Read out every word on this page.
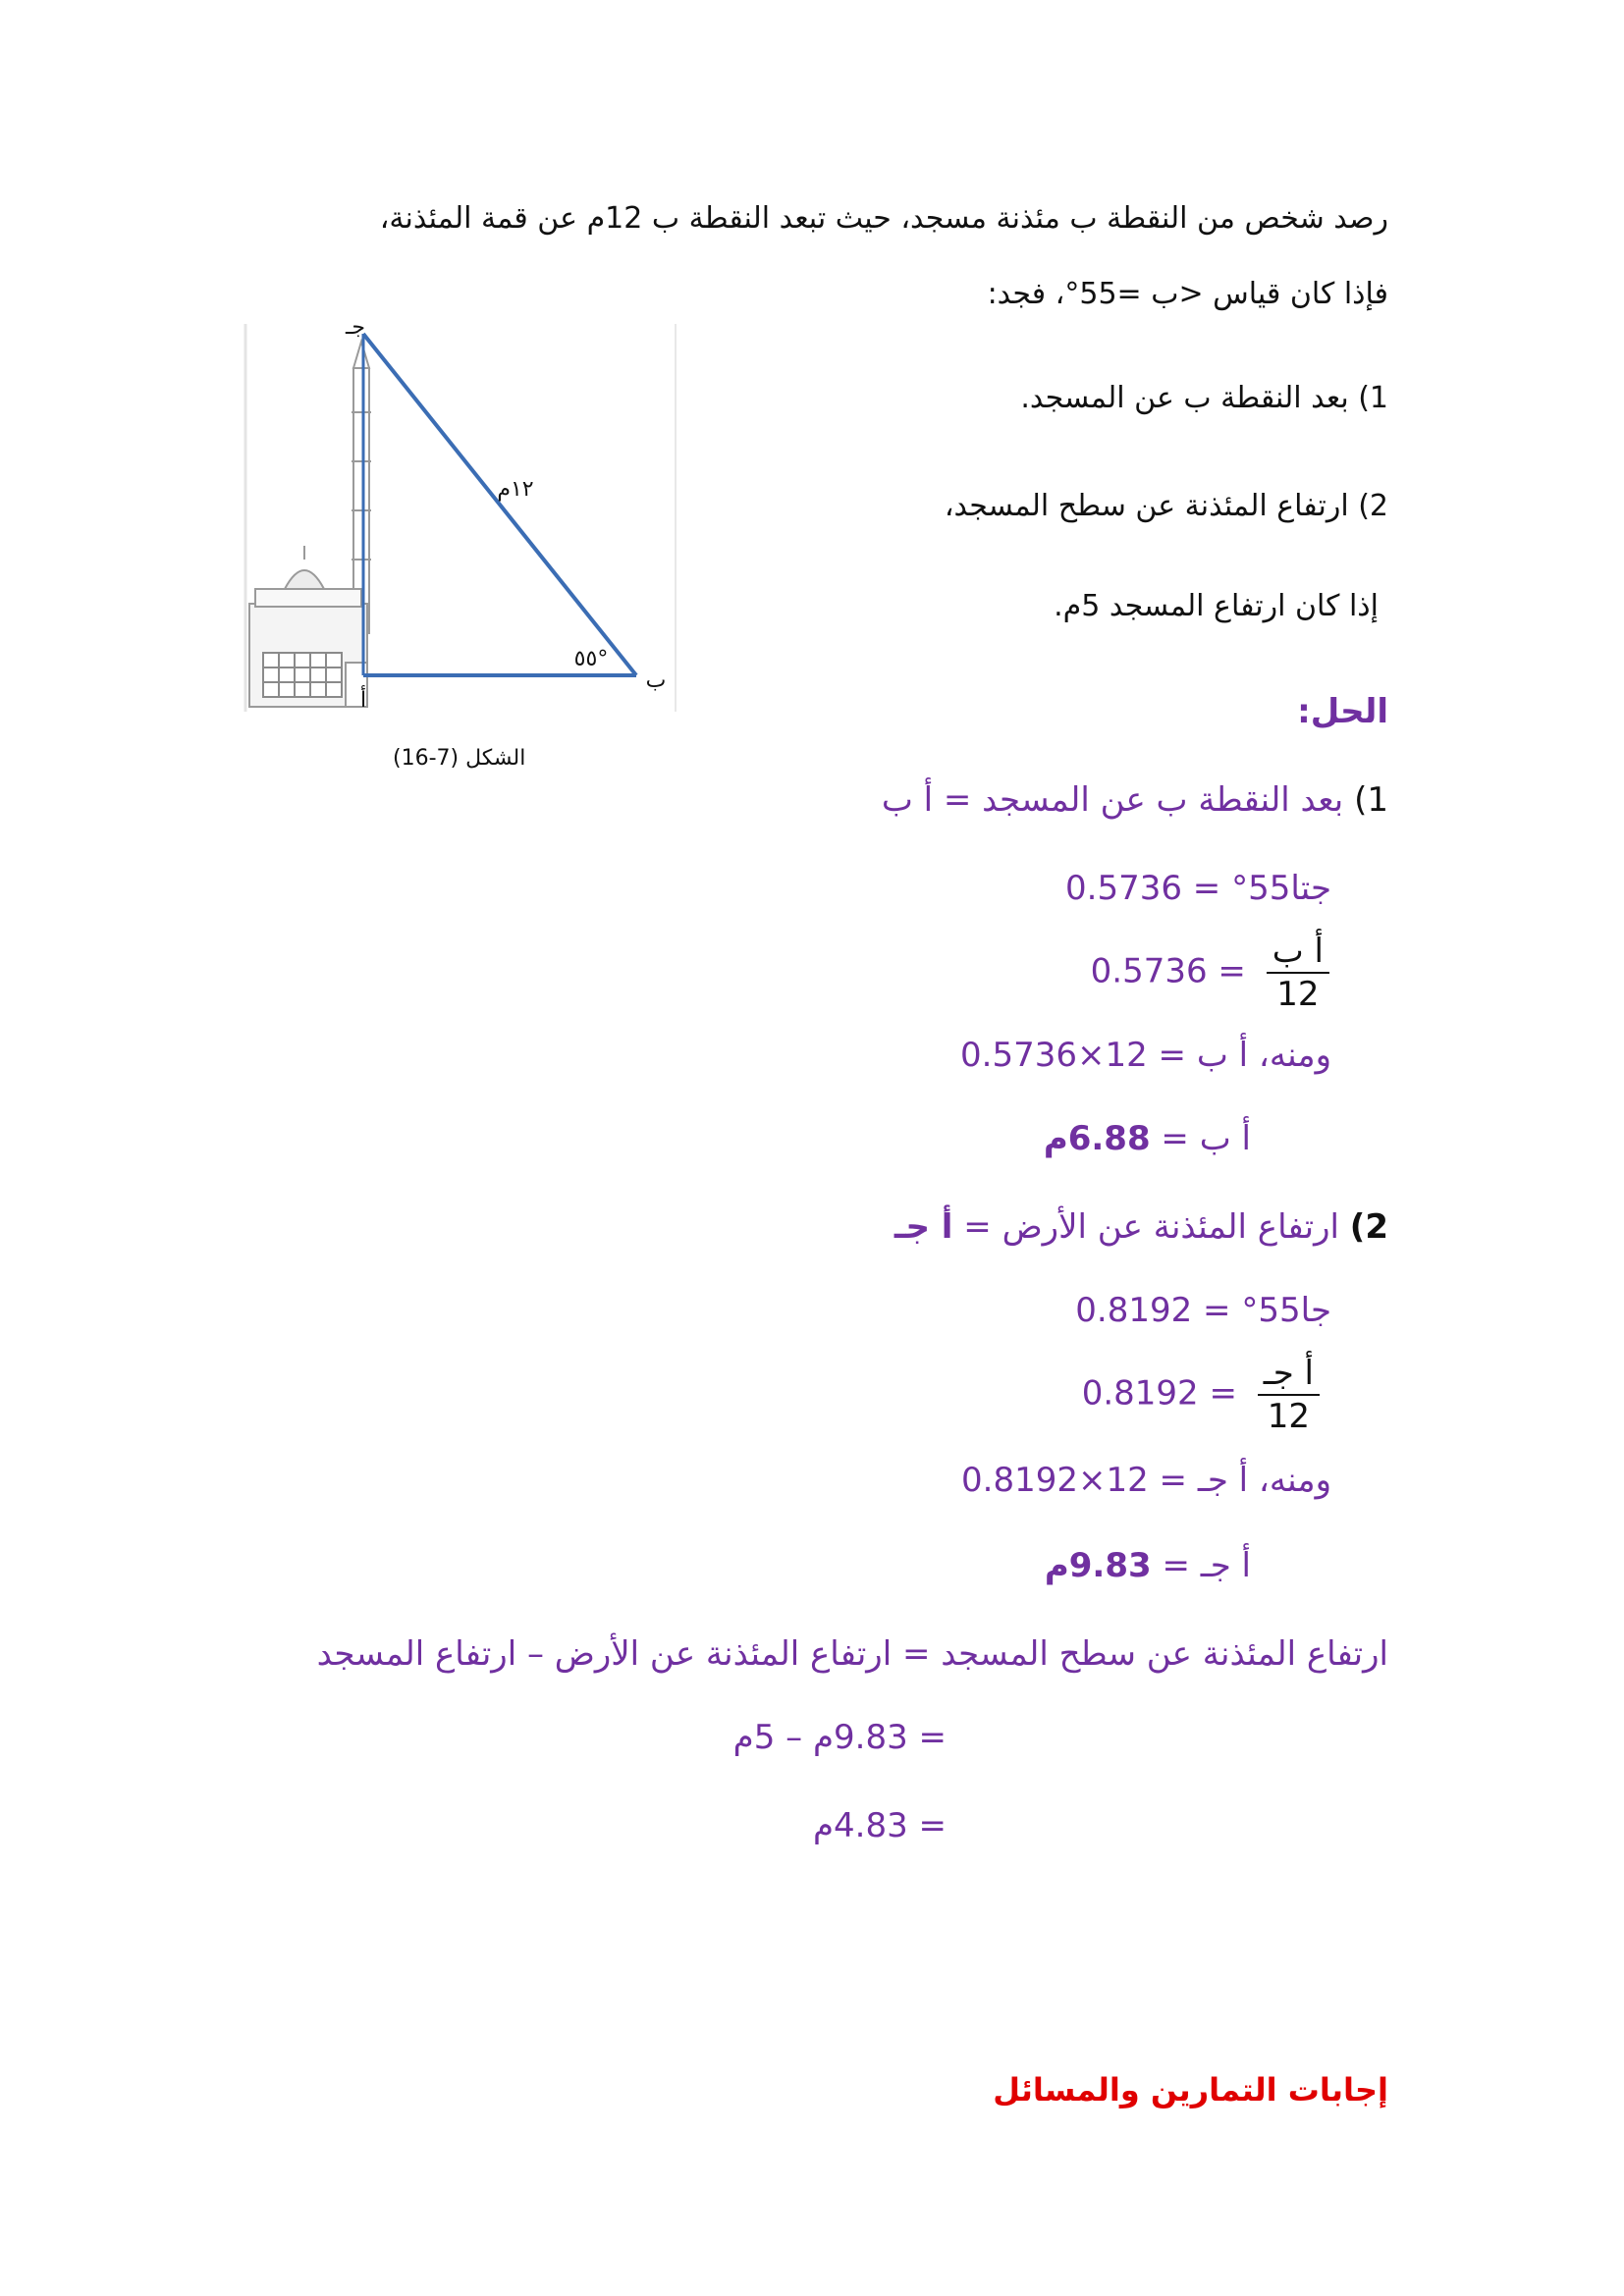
رصد شخص من النقطة ب مئذنة مسجد، حيث تبعد النقطة ب 12م عن قمة المئذنة،
فإذا كان قياس <ب =55°، فجد:
1) بعد النقطة ب عن المسجد.
2) ارتفاع المئذنة عن سطح المسجد،
إذا كان ارتفاع المسجد 5م.
جـ
ب
أ
١٢م
٥٥°
الشكل (7-16)
الحل:
1) بعد النقطة ب عن المسجد = أ ب
جتا55° = 0.5736
$\frac{\text{أ ب}}{12}$
= 0.5736
ومنه، أ ب = 12×0.5736
أ ب = 6.88م
2) ارتفاع المئذنة عن الأرض = أ جـ
جا55° = 0.8192
$\frac{\text{أ جـ}}{12}$
= 0.8192
ومنه، أ جـ = 12×0.8192
أ جـ = 9.83م
ارتفاع المئذنة عن سطح المسجد = ارتفاع المئذنة عن الأرض – ارتفاع المسجد
= 9.83م – 5م
= 4.83م
إجابات التمارين والمسائل
